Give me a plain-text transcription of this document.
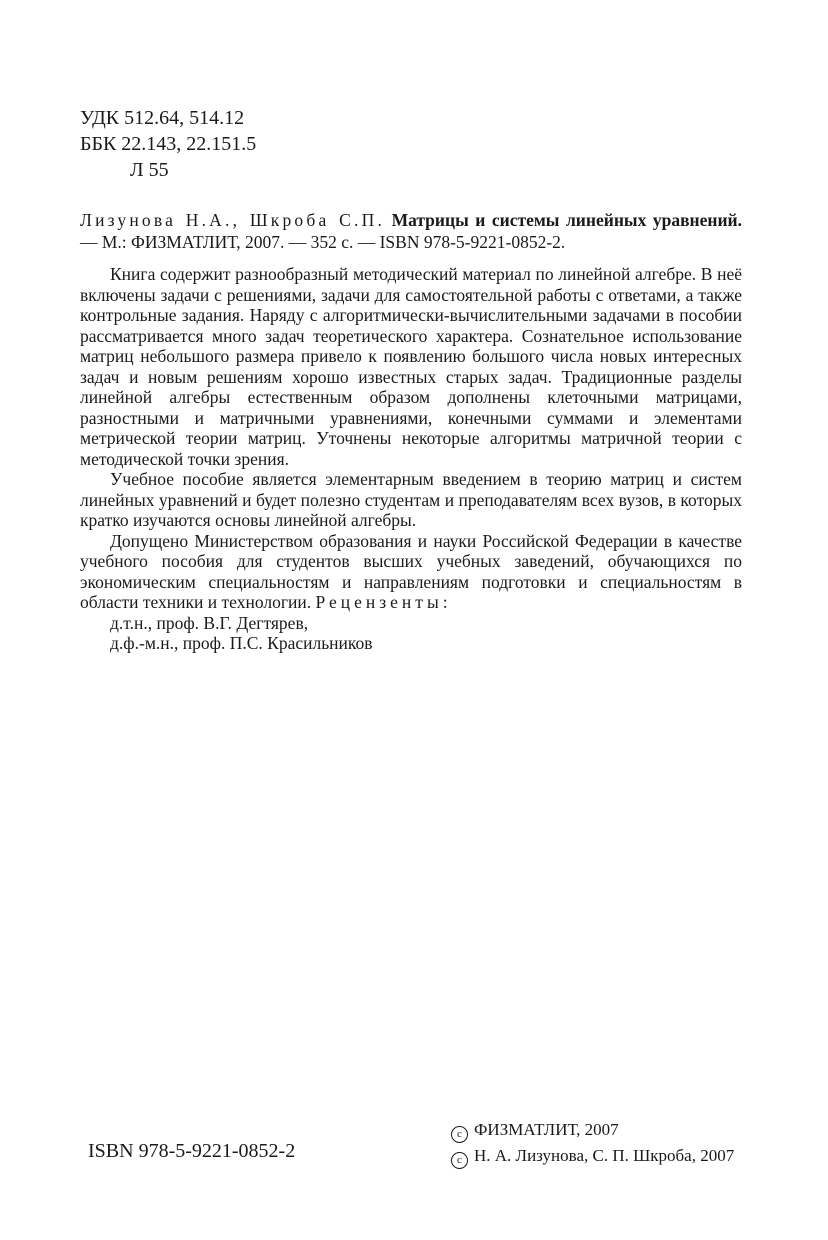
УДК 512.64, 514.12
ББК 22.143, 22.151.5
Л 55
Лизунова Н.А., Шкроба С.П. Матрицы и системы линейных уравнений. — М.: ФИЗМАТЛИТ, 2007. — 352 с. — ISBN 978-5-9221-0852-2.

Книга содержит разнообразный методический материал по линейной алгебре. В неё включены задачи с решениями, задачи для самостоятельной работы с ответами, а также контрольные задания. Наряду с алгоритмически-вычислительными задачами в пособии рассматривается много задач теоретического характера. Сознательное использование матриц небольшого размера привело к появлению большого числа новых интересных задач и новым решениям хорошо известных старых задач. Традиционные разделы линейной алгебры естественным образом дополнены клеточными матрицами, разностными и матричными уравнениями, конечными суммами и элементами метрической теории матриц. Уточнены некоторые алгоритмы матричной теории с методической точки зрения.

Учебное пособие является элементарным введением в теорию матриц и систем линейных уравнений и будет полезно студентам и преподавателям всех вузов, в которых кратко изучаются основы линейной алгебры.

Допущено Министерством образования и науки Российской Федерации в качестве учебного пособия для студентов высших учебных заведений, обучающихся по экономическим специальностям и направлениям подготовки и специальностям в области техники и технологии. Рецензенты:

д.т.н., проф. В.Г. Дегтярев,
д.ф.-м.н., проф. П.С. Красильников
ISBN 978-5-9221-0852-2
c ФИЗМАТЛИТ, 2007
c Н. А. Лизунова, С. П. Шкроба, 2007
